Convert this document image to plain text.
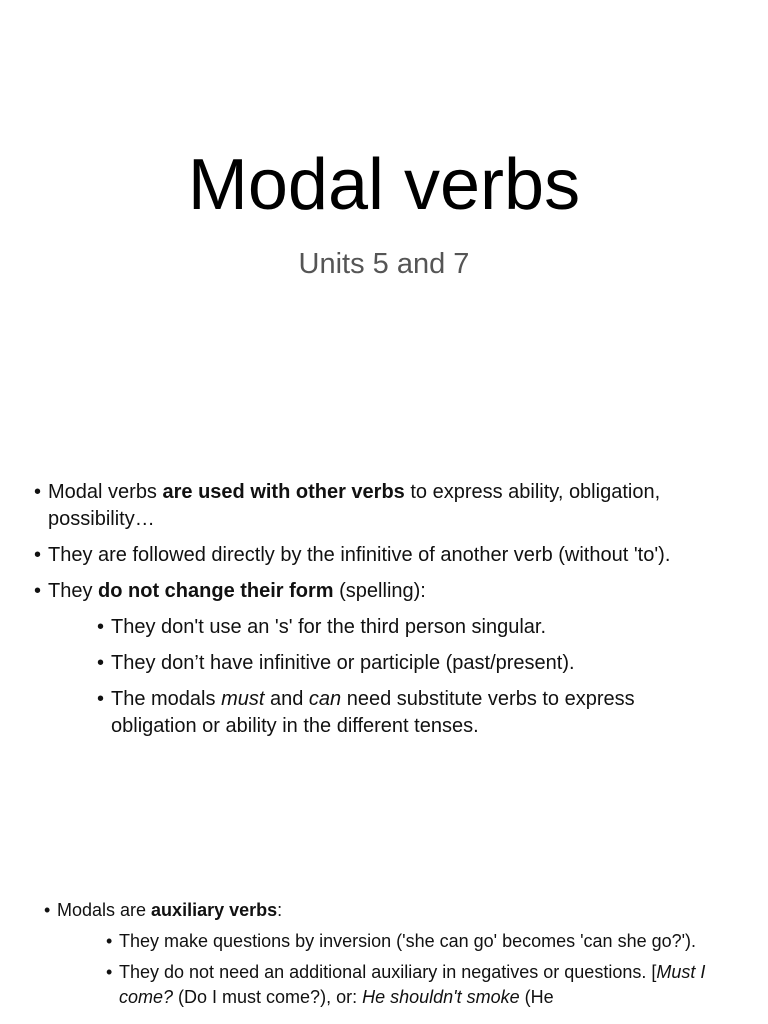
Modal verbs
Units 5 and 7
• Modal verbs are used with other verbs to express ability, obligation, possibility…
• They are followed directly by the infinitive of another verb (without 'to').
• They do not change their form (spelling):
• They don't use an 's' for the third person singular.
• They don’t have infinitive or participle (past/present).
• The modals must and can need substitute verbs to express obligation or ability in the different tenses.
• Modals are auxiliary verbs:
• They make questions by inversion ('she can go' becomes 'can she go?').
• They do not need an additional auxiliary in negatives or questions. [Must I come? (Do I must come?), or: He shouldn't smoke (He
